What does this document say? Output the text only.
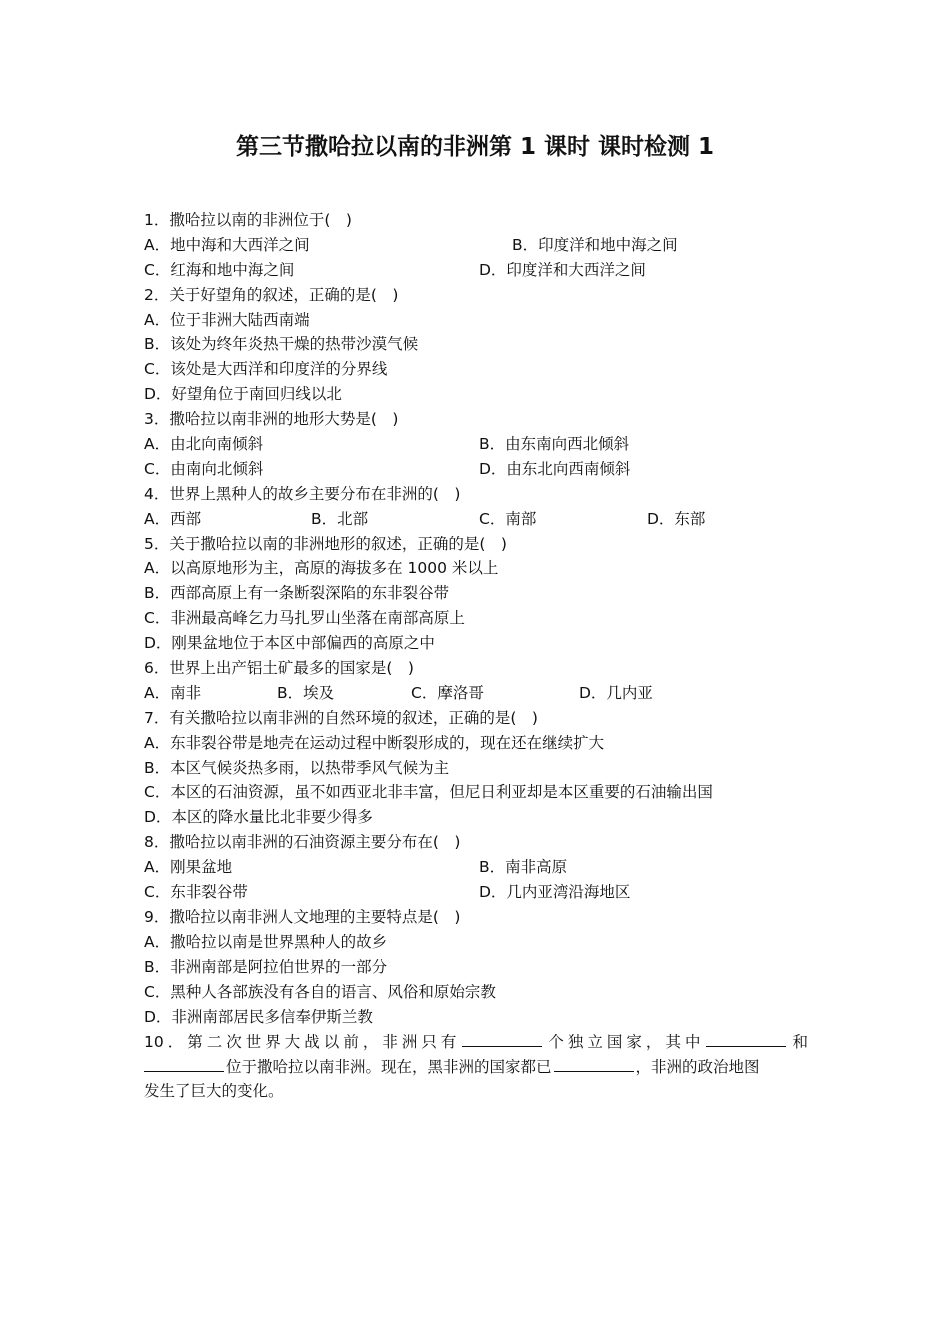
第三节撒哈拉以南的非洲第 1 课时 课时检测 1
1．撒哈拉以南的非洲位于(　)
A．地中海和大西洋之间	B．印度洋和地中海之间
C．红海和地中海之间	D．印度洋和大西洋之间
2．关于好望角的叙述，正确的是(　)
A．位于非洲大陆西南端
B．该处为终年炎热干燥的热带沙漠气候
C．该处是大西洋和印度洋的分界线
D．好望角位于南回归线以北
3．撒哈拉以南非洲的地形大势是(　)
A．由北向南倾斜	B．由东南向西北倾斜
C．由南向北倾斜	D．由东北向西南倾斜
4．世界上黑种人的故乡主要分布在非洲的(　)
A．西部	B．北部	C．南部	D．东部
5．关于撒哈拉以南的非洲地形的叙述，正确的是(　)
A．以高原地形为主，高原的海拔多在 1000 米以上
B．西部高原上有一条断裂深陷的东非裂谷带
C．非洲最高峰乞力马扎罗山坐落在南部高原上
D．刚果盆地位于本区中部偏西的高原之中
6．世界上出产铝土矿最多的国家是(　)
A．南非	B．埃及	C．摩洛哥	D．几内亚
7．有关撒哈拉以南非洲的自然环境的叙述，正确的是(　)
A．东非裂谷带是地壳在运动过程中断裂形成的，现在还在继续扩大
B．本区气候炎热多雨，以热带季风气候为主
C．本区的石油资源，虽不如西亚北非丰富，但尼日利亚却是本区重要的石油输出国
D．本区的降水量比北非要少得多
8．撒哈拉以南非洲的石油资源主要分布在(　)
A．刚果盆地	B．南非高原
C．东非裂谷带	D．几内亚湾沿海地区
9．撒哈拉以南非洲人文地理的主要特点是(　)
A．撒哈拉以南是世界黑种人的故乡
B．非洲南部是阿拉伯世界的一部分
C．黑种人各部族没有各自的语言、风俗和原始宗教
D．非洲南部居民多信奉伊斯兰教
10．第二次世界大战以前，非洲只有	个独立国家，其中	和
位于撒哈拉以南非洲。现在，黑非洲的国家都已	，非洲的政治地图
发生了巨大的变化。
